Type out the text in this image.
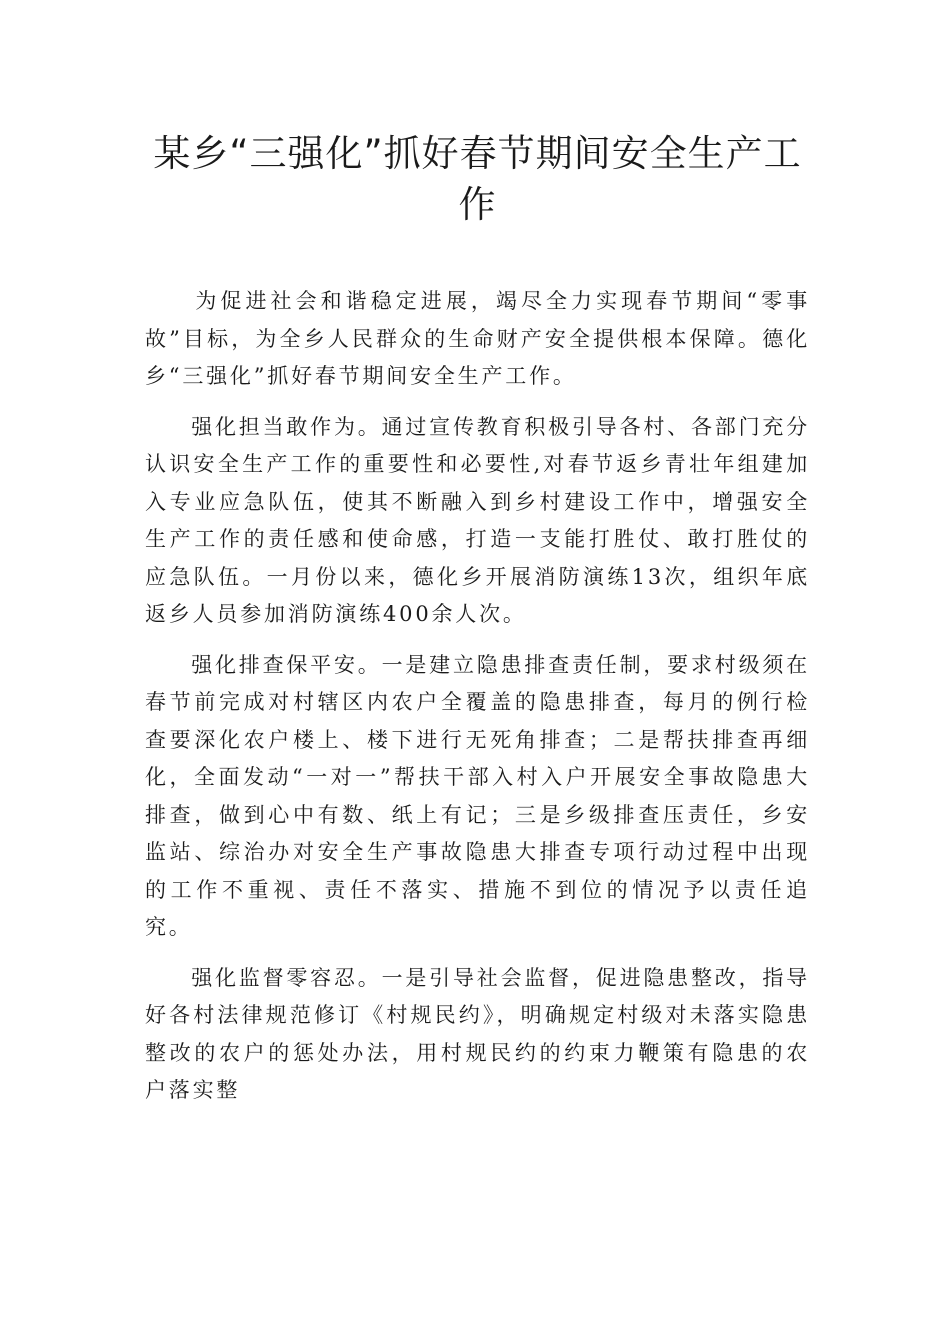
某乡“三强化”抓好春节期间安全生产工作

为促进社会和谐稳定进展，竭尽全力实现春节期间“零事故”目标，为全乡人民群众的生命财产安全提供根本保障。德化乡“三强化”抓好春节期间安全生产工作。

强化担当敢作为。通过宣传教育积极引导各村、各部门充分认识安全生产工作的重要性和必要性,对春节返乡青壮年组建加入专业应急队伍，使其不断融入到乡村建设工作中，增强安全生产工作的责任感和使命感，打造一支能打胜仗、敢打胜仗的应急队伍。一月份以来，德化乡开展消防演练13次，组织年底返乡人员参加消防演练400余人次。

强化排查保平安。一是建立隐患排查责任制，要求村级须在春节前完成对村辖区内农户全覆盖的隐患排查，每月的例行检查要深化农户楼上、楼下进行无死角排查；二是帮扶排查再细化，全面发动“一对一”帮扶干部入村入户开展安全事故隐患大排查，做到心中有数、纸上有记；三是乡级排查压责任，乡安监站、综治办对安全生产事故隐患大排查专项行动过程中出现的工作不重视、责任不落实、措施不到位的情况予以责任追究。

强化监督零容忍。一是引导社会监督，促进隐患整改，指导好各村法律规范修订《村规民约》，明确规定村级对未落实隐患整改的农户的惩处办法，用村规民约的约束力鞭策有隐患的农户落实整
